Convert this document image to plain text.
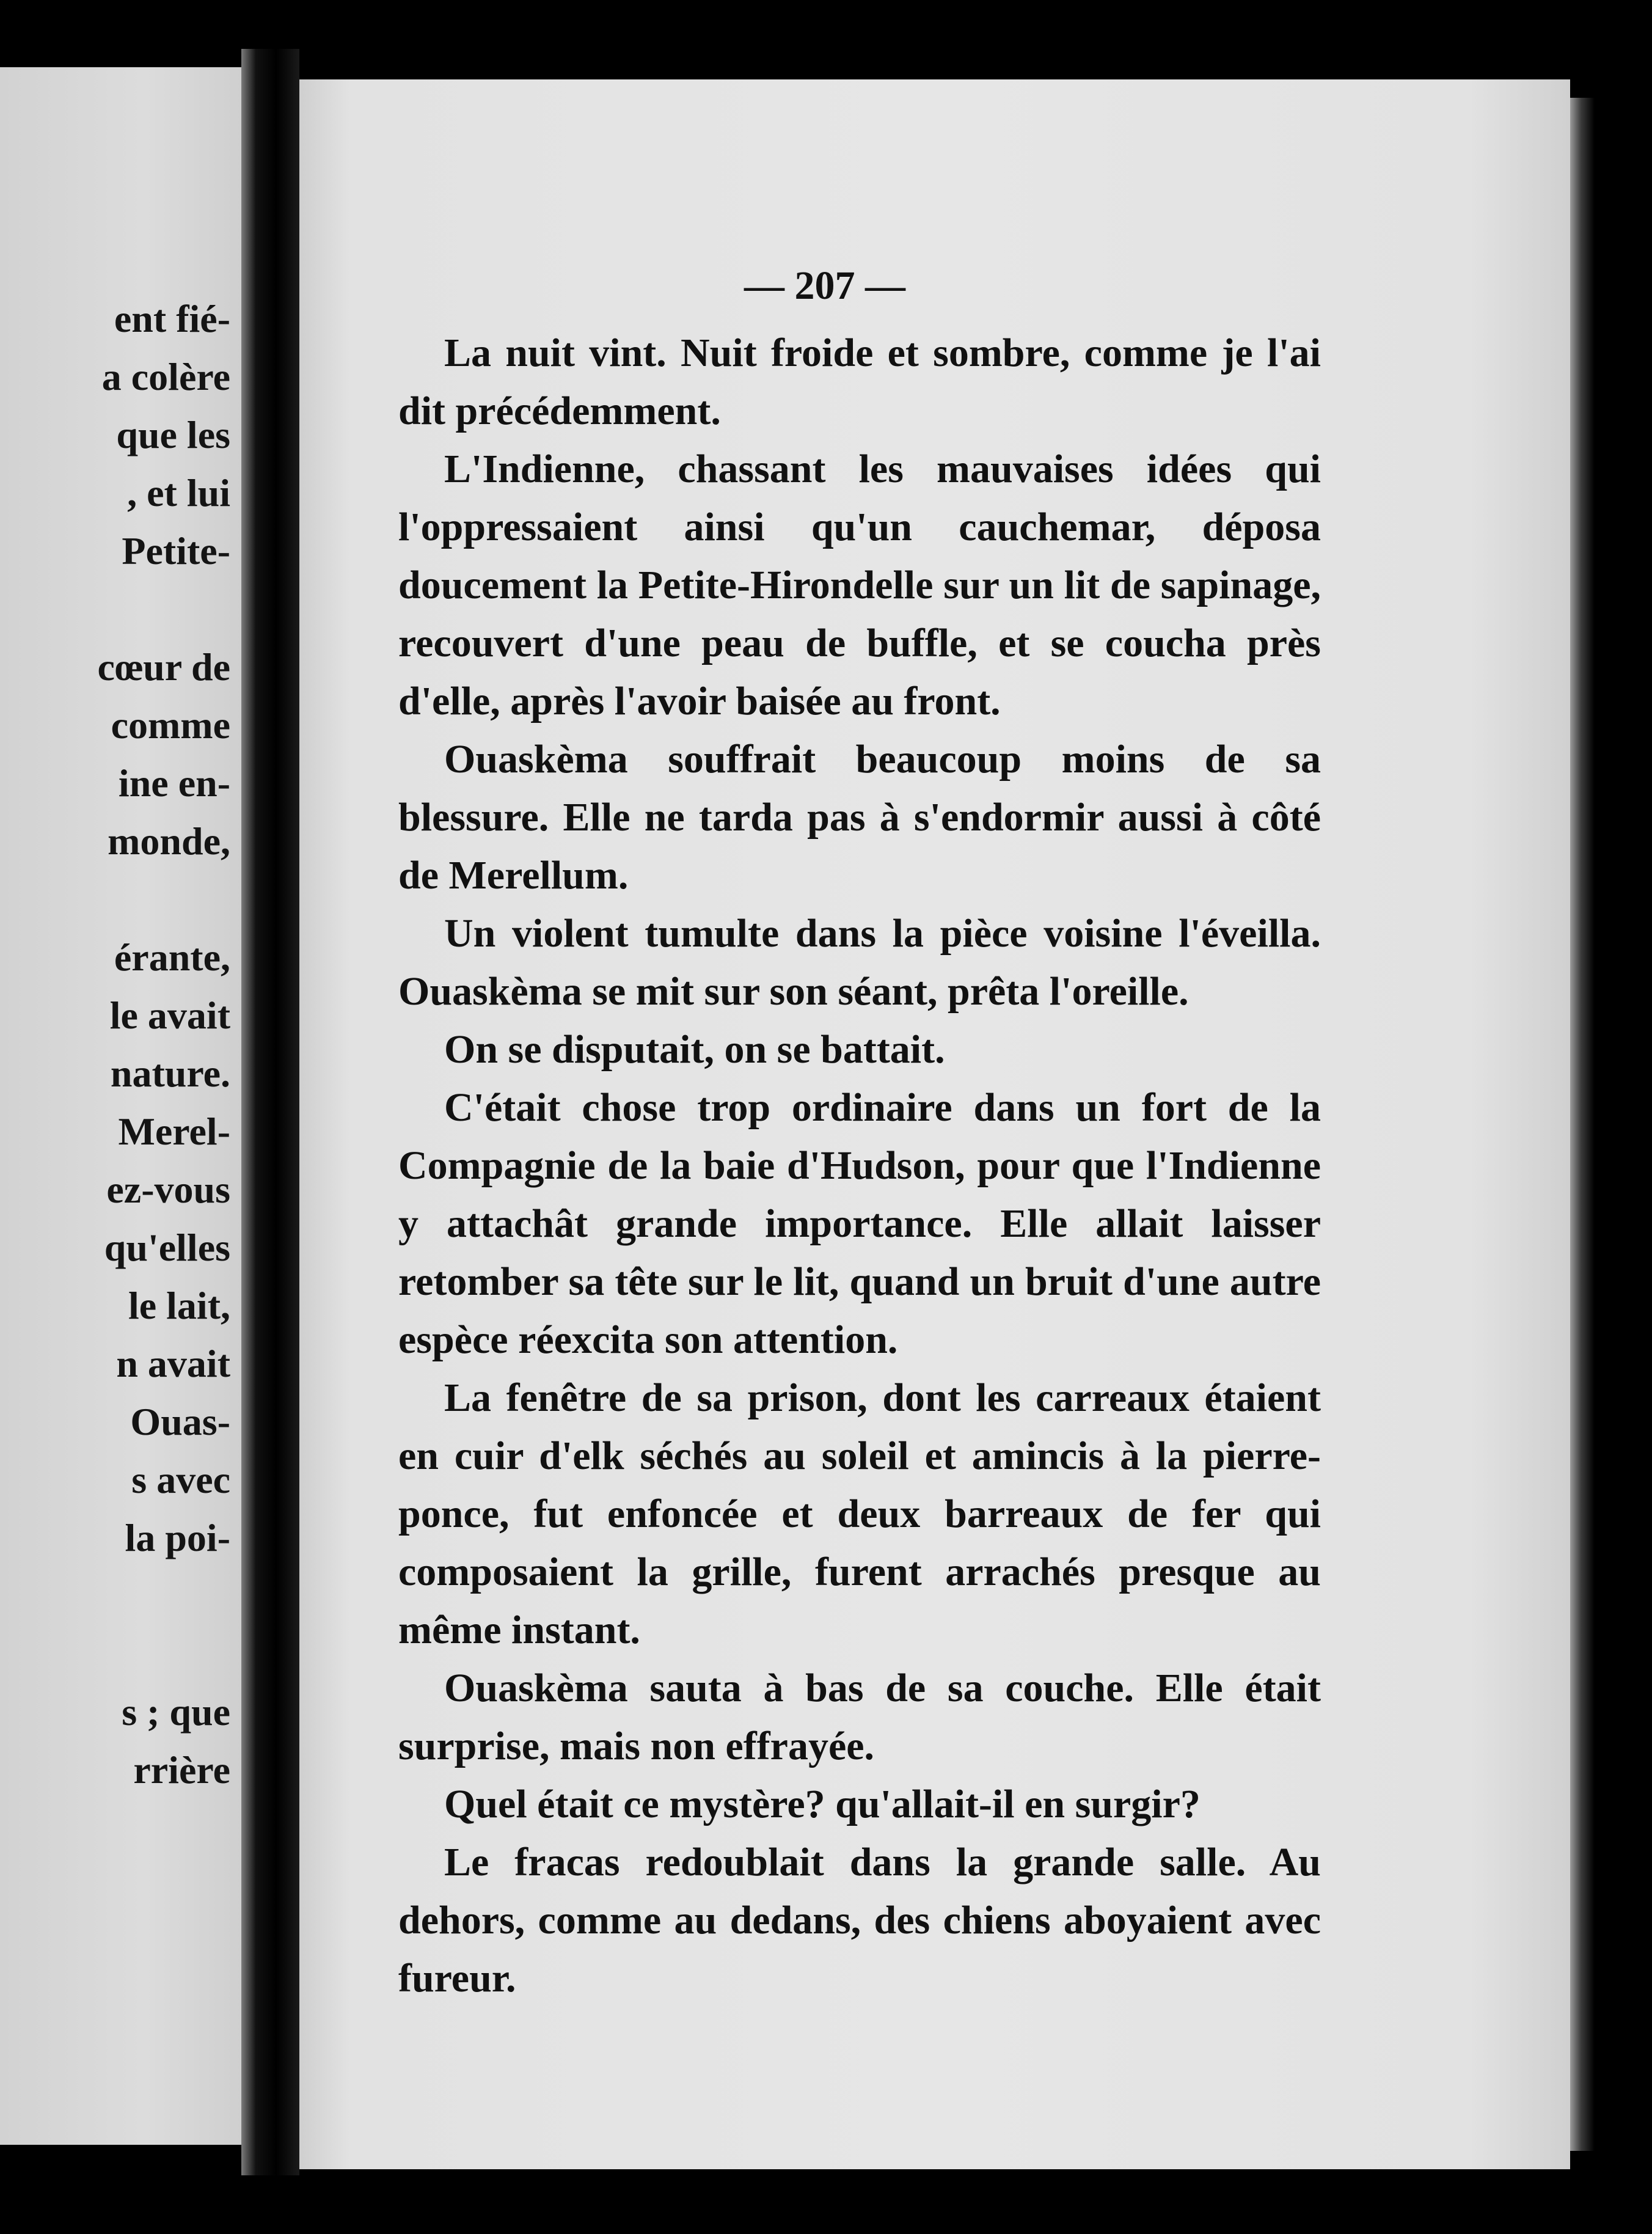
ent fié-
a colère
que les
, et lui
Petite-
cœur de
comme
ine en-
monde,
érante,
le avait
nature.
Merel-
ez-vous
qu'elles
le lait,
n avait
Ouas-
s avec
la poi-
s ; que
rrière
— 207 —

La nuit vint. Nuit froide et sombre, comme je l'ai dit précédemment.

L'Indienne, chassant les mauvaises idées qui l'oppressaient ainsi qu'un cauchemar, déposa doucement la Petite-Hirondelle sur un lit de sapinage, recouvert d'une peau de buffle, et se coucha près d'elle, après l'avoir baisée au front.

Ouaskèma souffrait beaucoup moins de sa blessure. Elle ne tarda pas à s'endormir aussi à côté de Merellum.

Un violent tumulte dans la pièce voisine l'éveilla. Ouaskèma se mit sur son séant, prêta l'oreille.

On se disputait, on se battait.

C'était chose trop ordinaire dans un fort de la Compagnie de la baie d'Hudson, pour que l'Indienne y attachât grande importance. Elle allait laisser retomber sa tête sur le lit, quand un bruit d'une autre espèce réexcita son attention.

La fenêtre de sa prison, dont les carreaux étaient en cuir d'elk séchés au soleil et amincis à la pierre-ponce, fut enfoncée et deux barreaux de fer qui composaient la grille, furent arrachés presque au même instant.

Ouaskèma sauta à bas de sa couche. Elle était surprise, mais non effrayée.

Quel était ce mystère? qu'allait-il en surgir?

Le fracas redoublait dans la grande salle. Au dehors, comme au dedans, des chiens aboyaient avec fureur.
